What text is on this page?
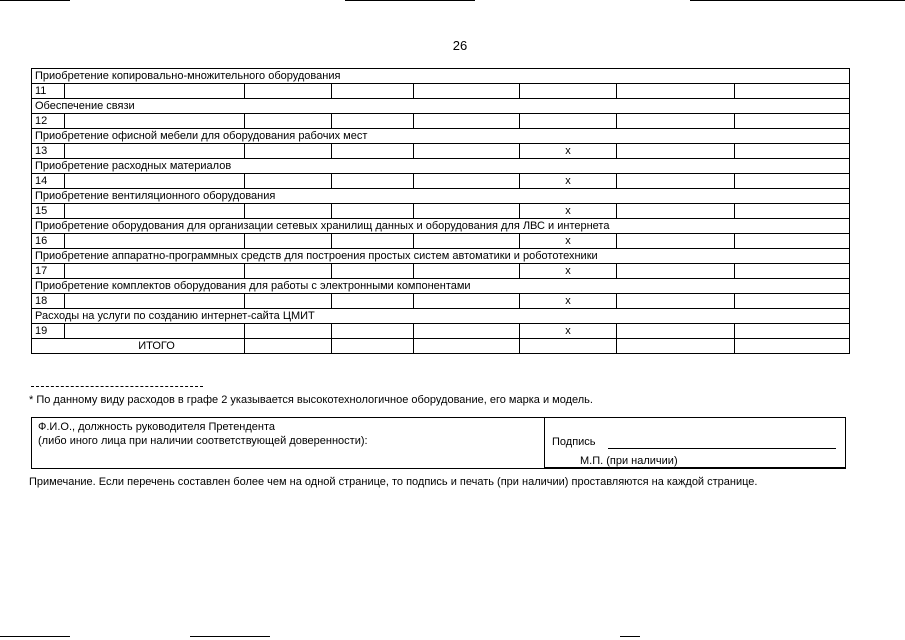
26
Приобретение копировально-множительного оборудования							
11							
Обеспечение связи							
12							
Приобретение офисной мебели для оборудования рабочих мест							
13					x		
Приобретение расходных материалов							
14					x		
Приобретение вентиляционного оборудования							
15					x		
Приобретение оборудования для организации сетевых хранилищ данных и оборудования для ЛВС и интернета							
16					x		
Приобретение аппаратно-программных средств для построения простых систем автоматики и робототехники							
17					x		
Приобретение комплектов оборудования для работы с электронными компонентами							
18					x		
Расходы на услуги по созданию интернет-сайта ЦМИТ							
19					x		
ИТОГО							
* По данному виду расходов в графе 2 указывается высокотехнологичное оборудование, его марка и модель.
Ф.И.О., должность руководителя Претендента
(либо иного лица при наличии соответствующей доверенности):	Подпись
М.П. (при наличии)
Примечание. Если перечень составлен более чем на одной странице, то подпись и печать (при наличии) проставляются на каждой странице.
